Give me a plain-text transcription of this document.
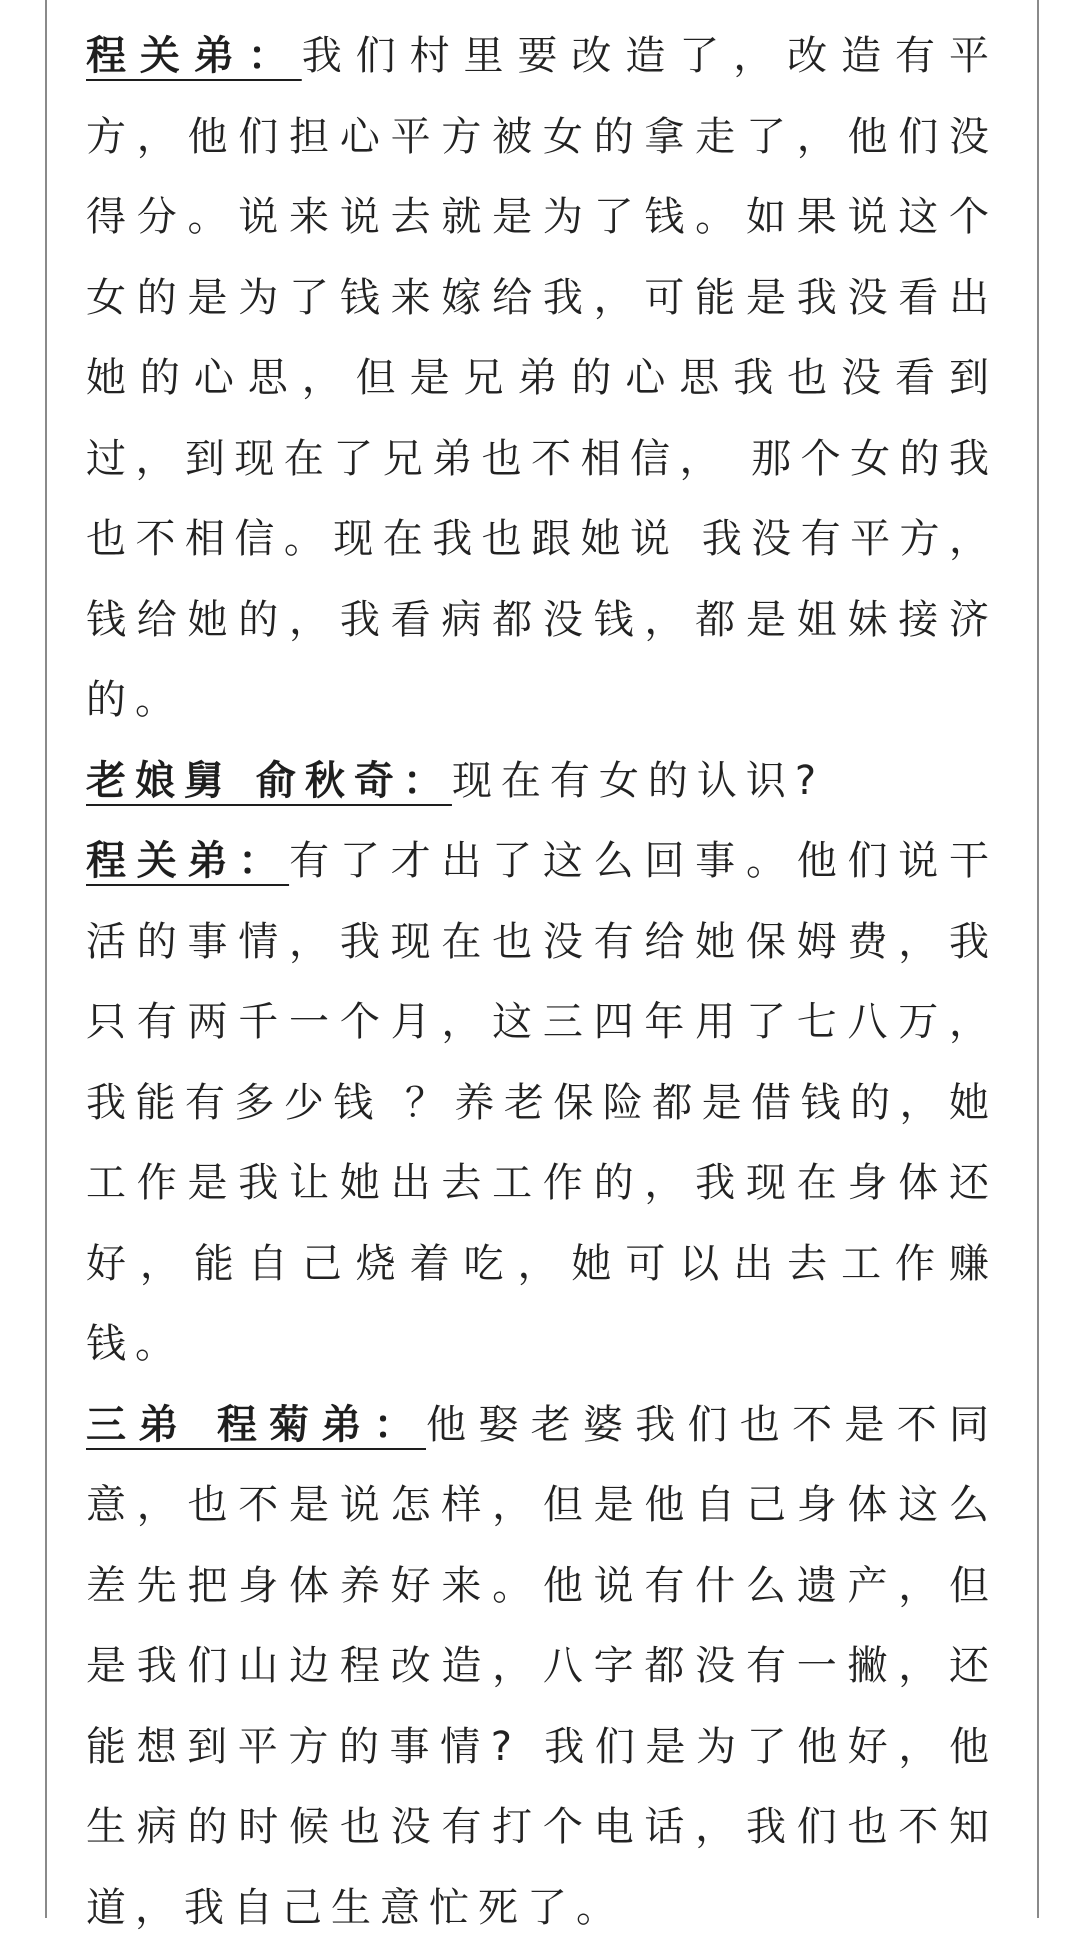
程关弟：我们村里要改造了，改造有平方，他们担心平方被女的拿走了，他们没得分。说来说去就是为了钱。如果说这个女的是为了钱来嫁给我，可能是我没看出她的心思，但是兄弟的心思我也没看到过，到现在了兄弟也不相信， 那个女的我也不相信。现在我也跟她说 我没有平方，钱给她的，我看病都没钱，都是姐妹接济的。

老娘舅 俞秋奇：现在有女的认识?

程关弟：有了才出了这么回事。他们说干活的事情，我现在也没有给她保姆费，我只有两千一个月，这三四年用了七八万，我能有多少钱 ？养老保险都是借钱的，她工作是我让她出去工作的，我现在身体还好，能自己烧着吃，她可以出去工作赚钱。

三弟 程菊弟：他娶老婆我们也不是不同意，也不是说怎样，但是他自己身体这么差先把身体养好来。他说有什么遗产，但是我们山边程改造，八字都没有一撇，还能想到平方的事情? 我们是为了他好，他生病的时候也没有打个电话，我们也不知道，我自己生意忙死了。
